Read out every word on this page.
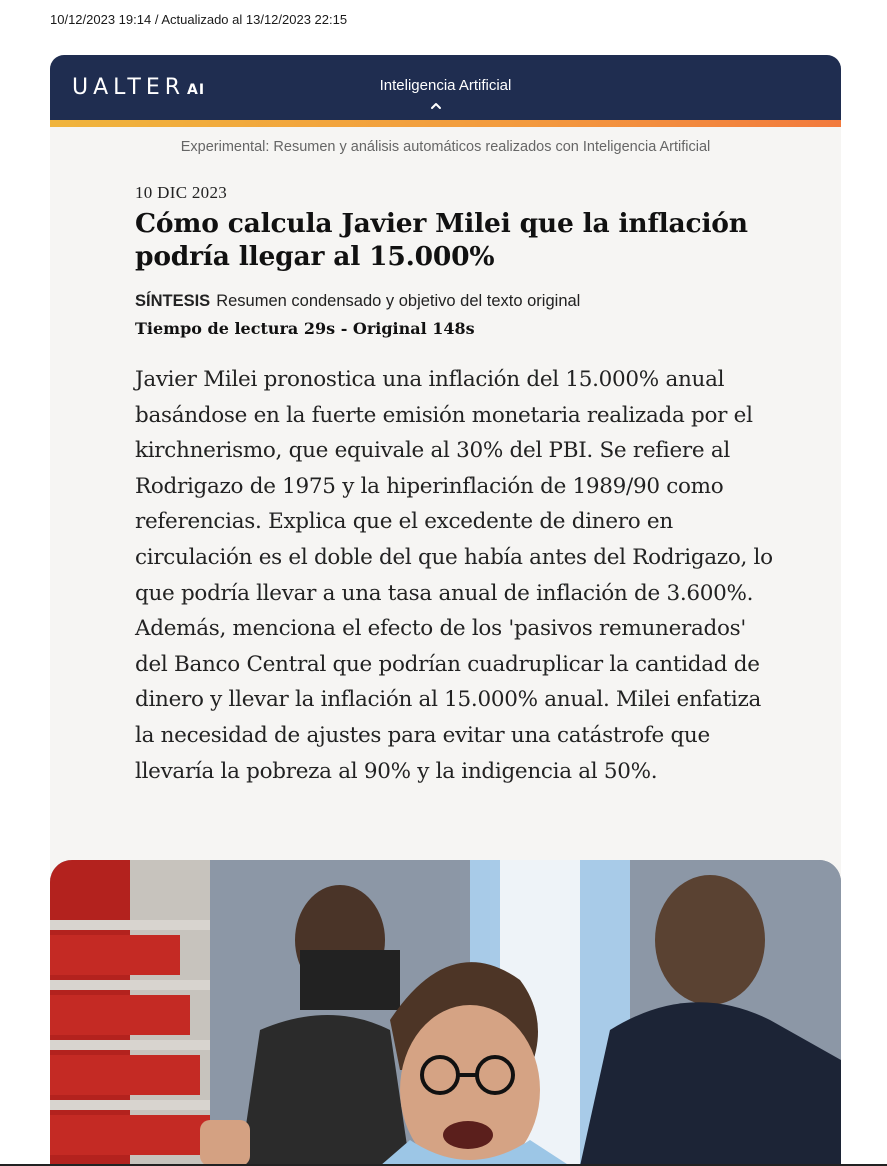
10/12/2023 19:14 / Actualizado al 13/12/2023 22:15
UALTER AI	Inteligencia Artificial
Experimental: Resumen y análisis automáticos realizados con Inteligencia Artificial
10 DIC 2023
Cómo calcula Javier Milei que la inflación podría llegar al 15.000%
SÍNTESIS Resumen condensado y objetivo del texto original
Tiempo de lectura 29s - Original 148s
Javier Milei pronostica una inflación del 15.000% anual basándose en la fuerte emisión monetaria realizada por el kirchnerismo, que equivale al 30% del PBI. Se refiere al Rodrigazo de 1975 y la hiperinflación de 1989/90 como referencias. Explica que el excedente de dinero en circulación es el doble del que había antes del Rodrigazo, lo que podría llevar a una tasa anual de inflación de 3.600%. Además, menciona el efecto de los 'pasivos remunerados' del Banco Central que podrían cuadruplicar la cantidad de dinero y llevar la inflación al 15.000% anual. Milei enfatiza la necesidad de ajustes para evitar una catástrofe que llevaría la pobreza al 90% y la indigencia al 50%.
